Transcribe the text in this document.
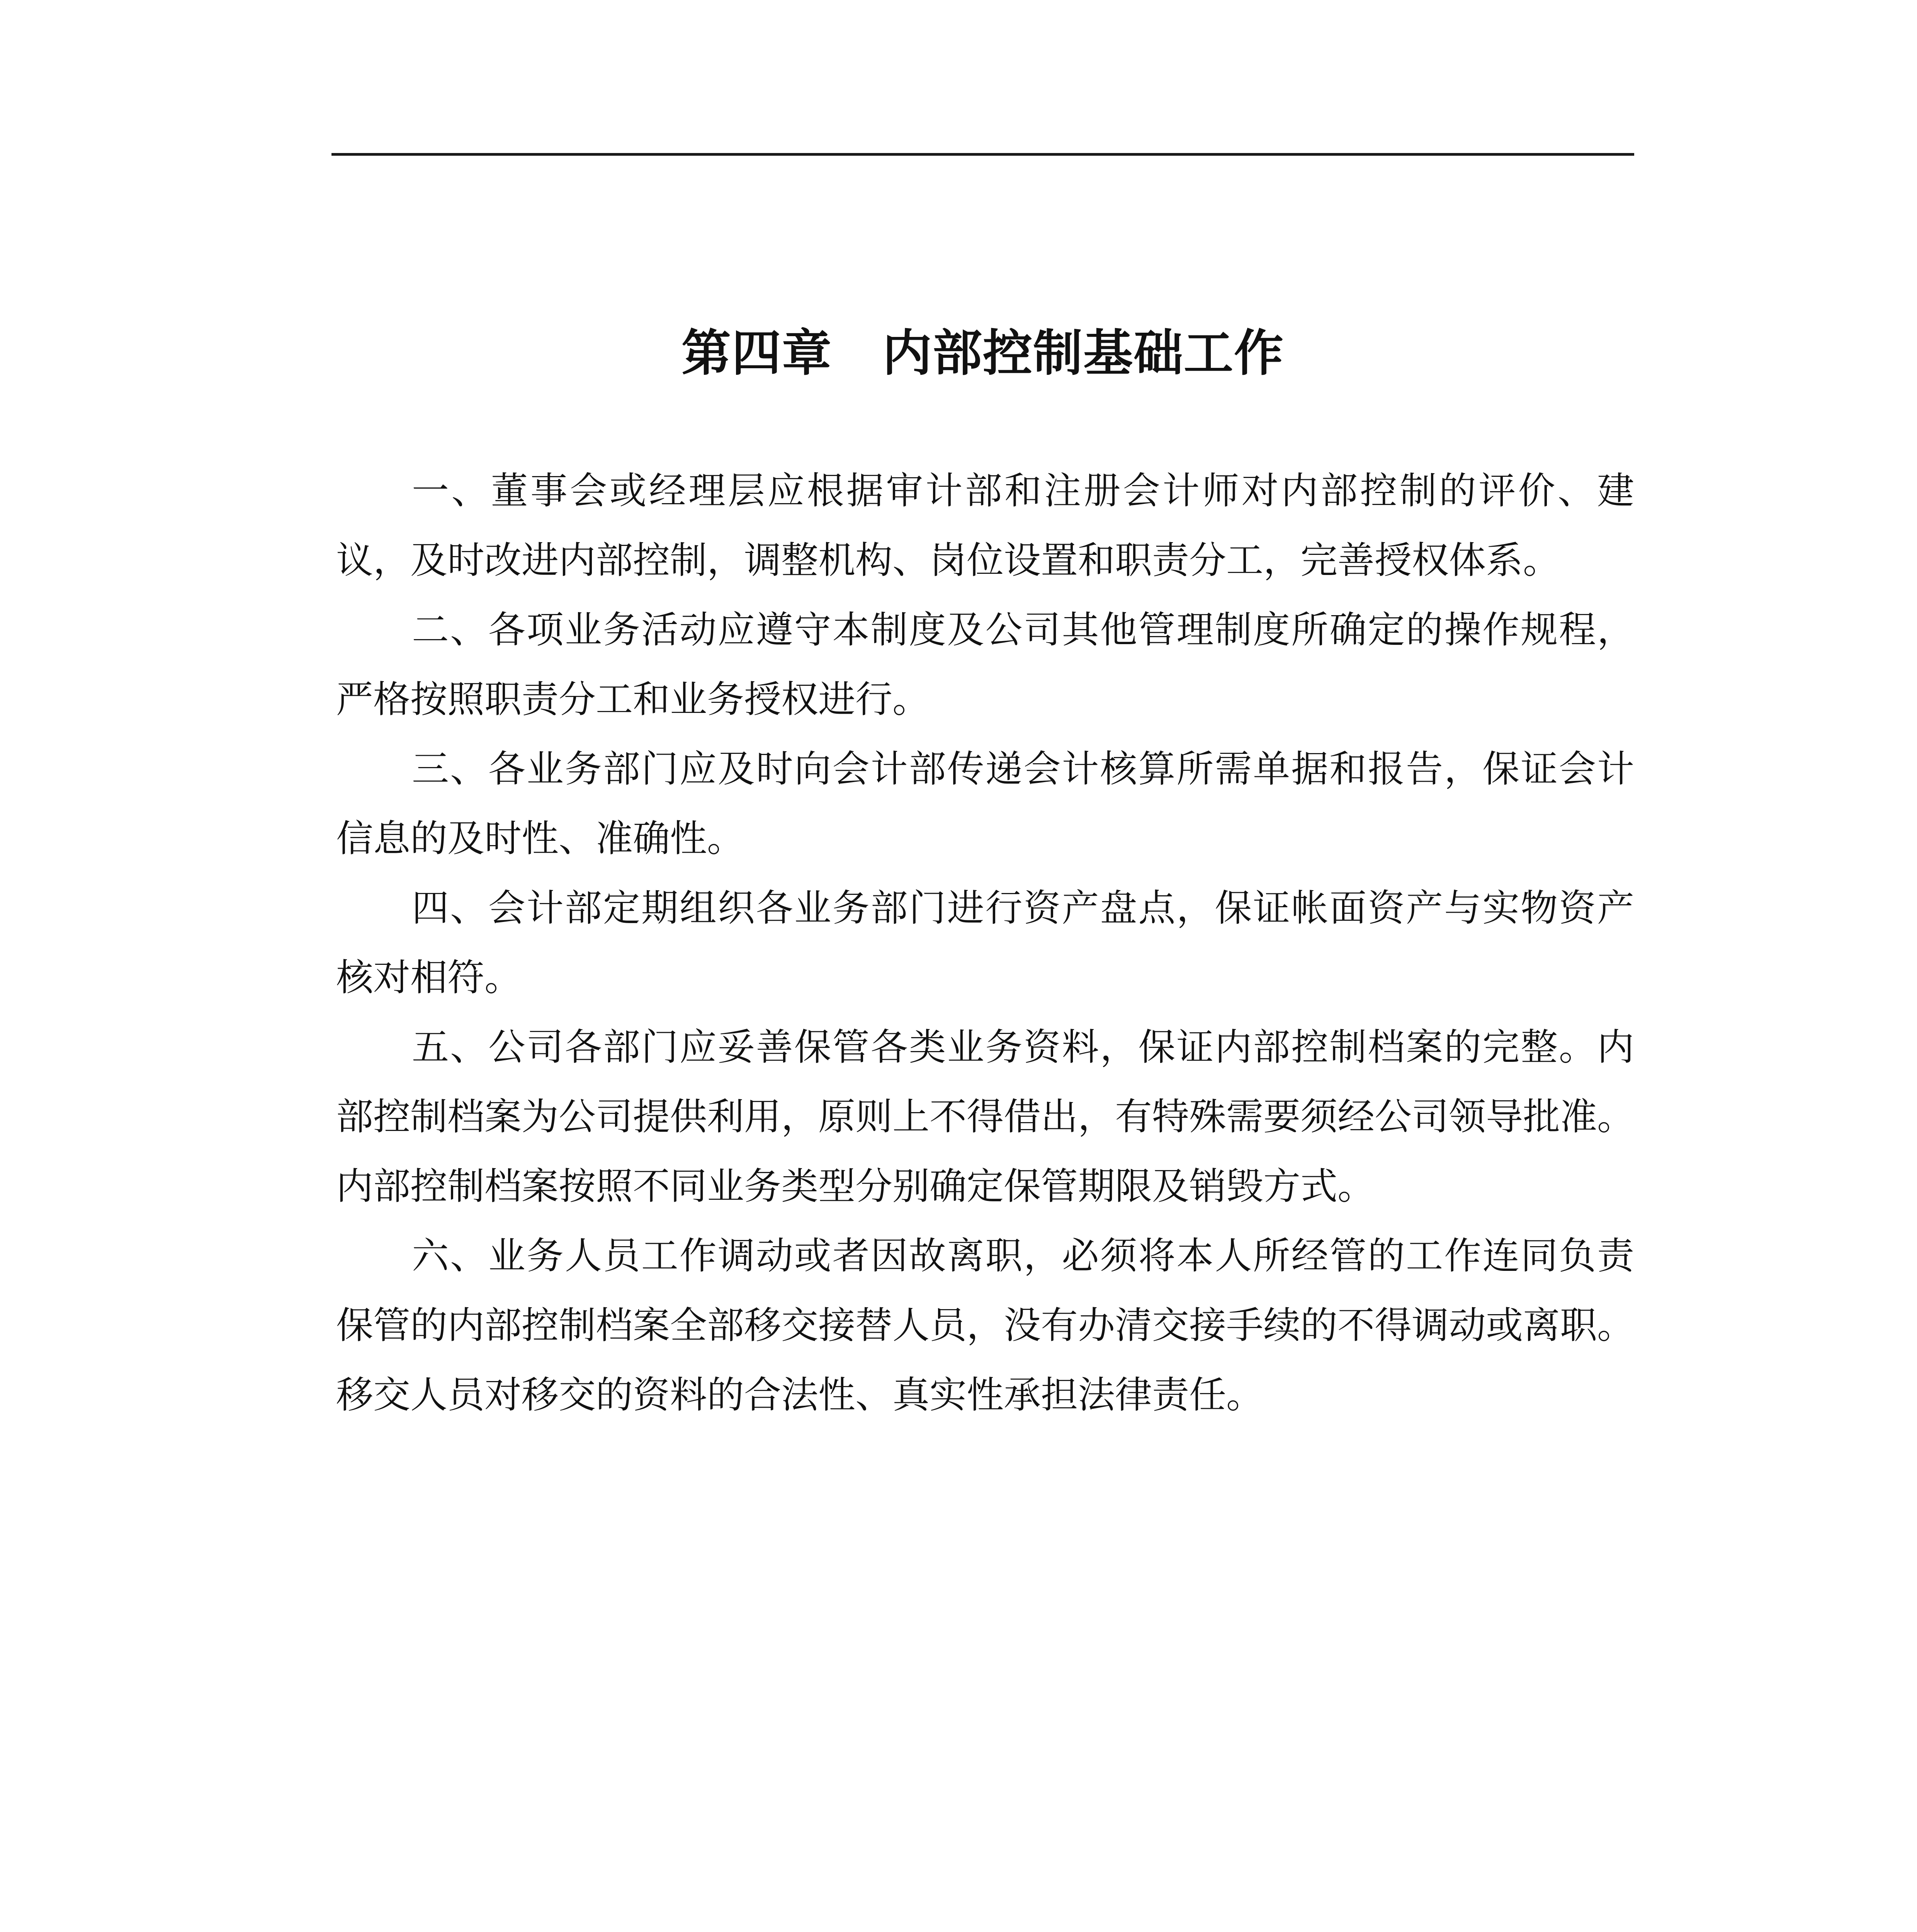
第四章　内部控制基础工作

一、董事会或经理层应根据审计部和注册会计师对内部控制的评价、建议，及时改进内部控制，调整机构、岗位设置和职责分工，完善授权体系。

二、各项业务活动应遵守本制度及公司其他管理制度所确定的操作规程，严格按照职责分工和业务授权进行。

三、各业务部门应及时向会计部传递会计核算所需单据和报告，保证会计信息的及时性、准确性。

四、会计部定期组织各业务部门进行资产盘点，保证帐面资产与实物资产核对相符。

五、公司各部门应妥善保管各类业务资料，保证内部控制档案的完整。内部控制档案为公司提供利用，原则上不得借出，有特殊需要须经公司领导批准。内部控制档案按照不同业务类型分别确定保管期限及销毁方式。

六、业务人员工作调动或者因故离职，必须将本人所经管的工作连同负责保管的内部控制档案全部移交接替人员，没有办清交接手续的不得调动或离职。移交人员对移交的资料的合法性、真实性承担法律责任。
